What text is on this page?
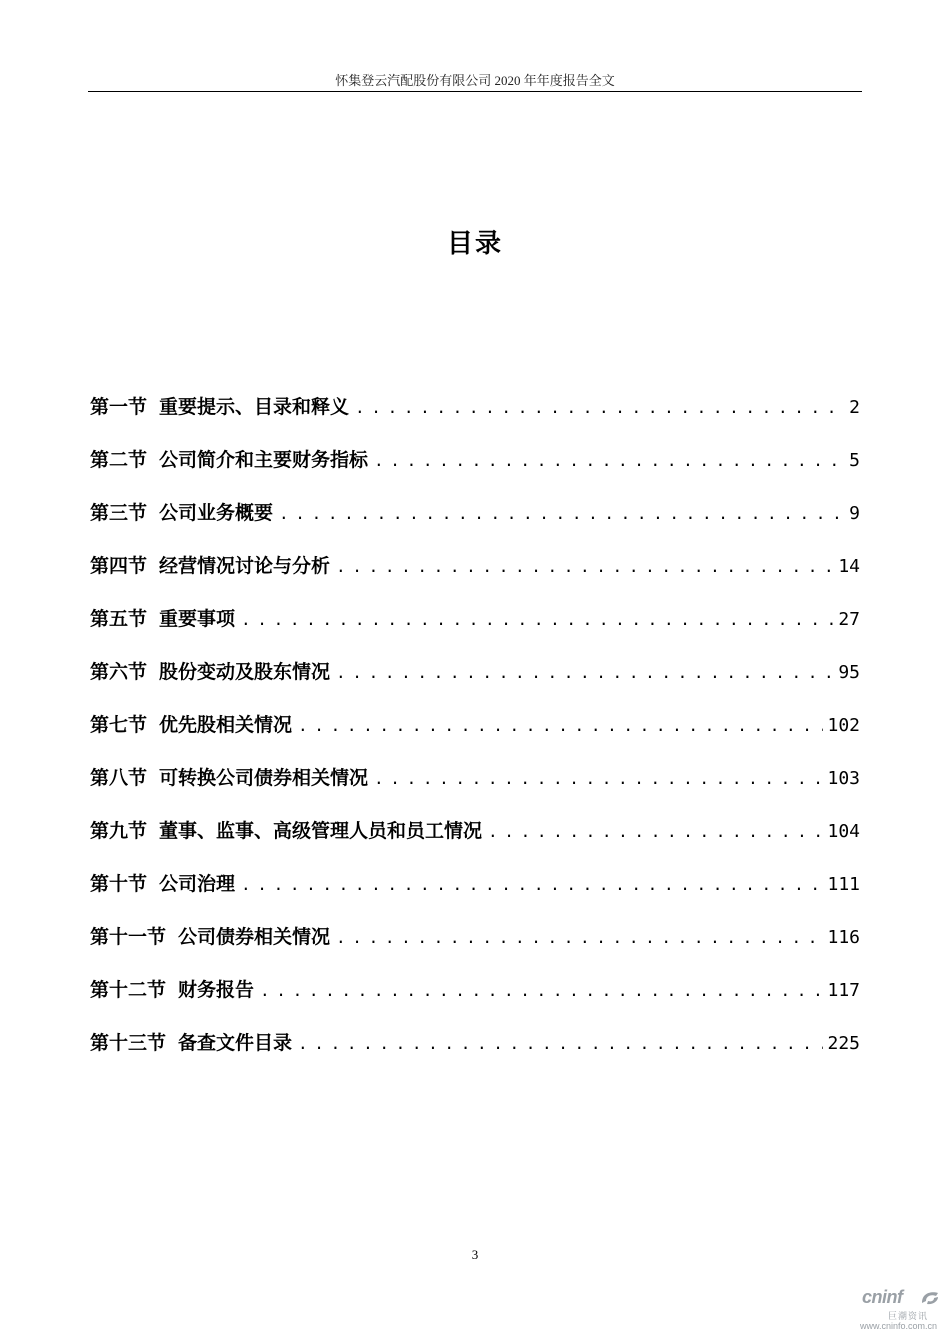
怀集登云汽配股份有限公司 2020 年年度报告全文
目录
第一节 重要提示、目录和释义 . . .	2
第二节 公司简介和主要财务指标 . . .	5
第三节 公司业务概要 . . .	9
第四节 经营情况讨论与分析 . . .	14
第五节 重要事项 . . .	27
第六节 股份变动及股东情况 . . .	95
第七节 优先股相关情况 . . .	102
第八节 可转换公司债券相关情况 . . .	103
第九节 董事、监事、高级管理人员和员工情况 . . .	104
第十节 公司治理 . . .	111
第十一节 公司债券相关情况 . . .	116
第十二节 财务报告 . . .	117
第十三节 备查文件目录 . . .	225
3
cninf
巨潮资讯
www.cninfo.com.cn
